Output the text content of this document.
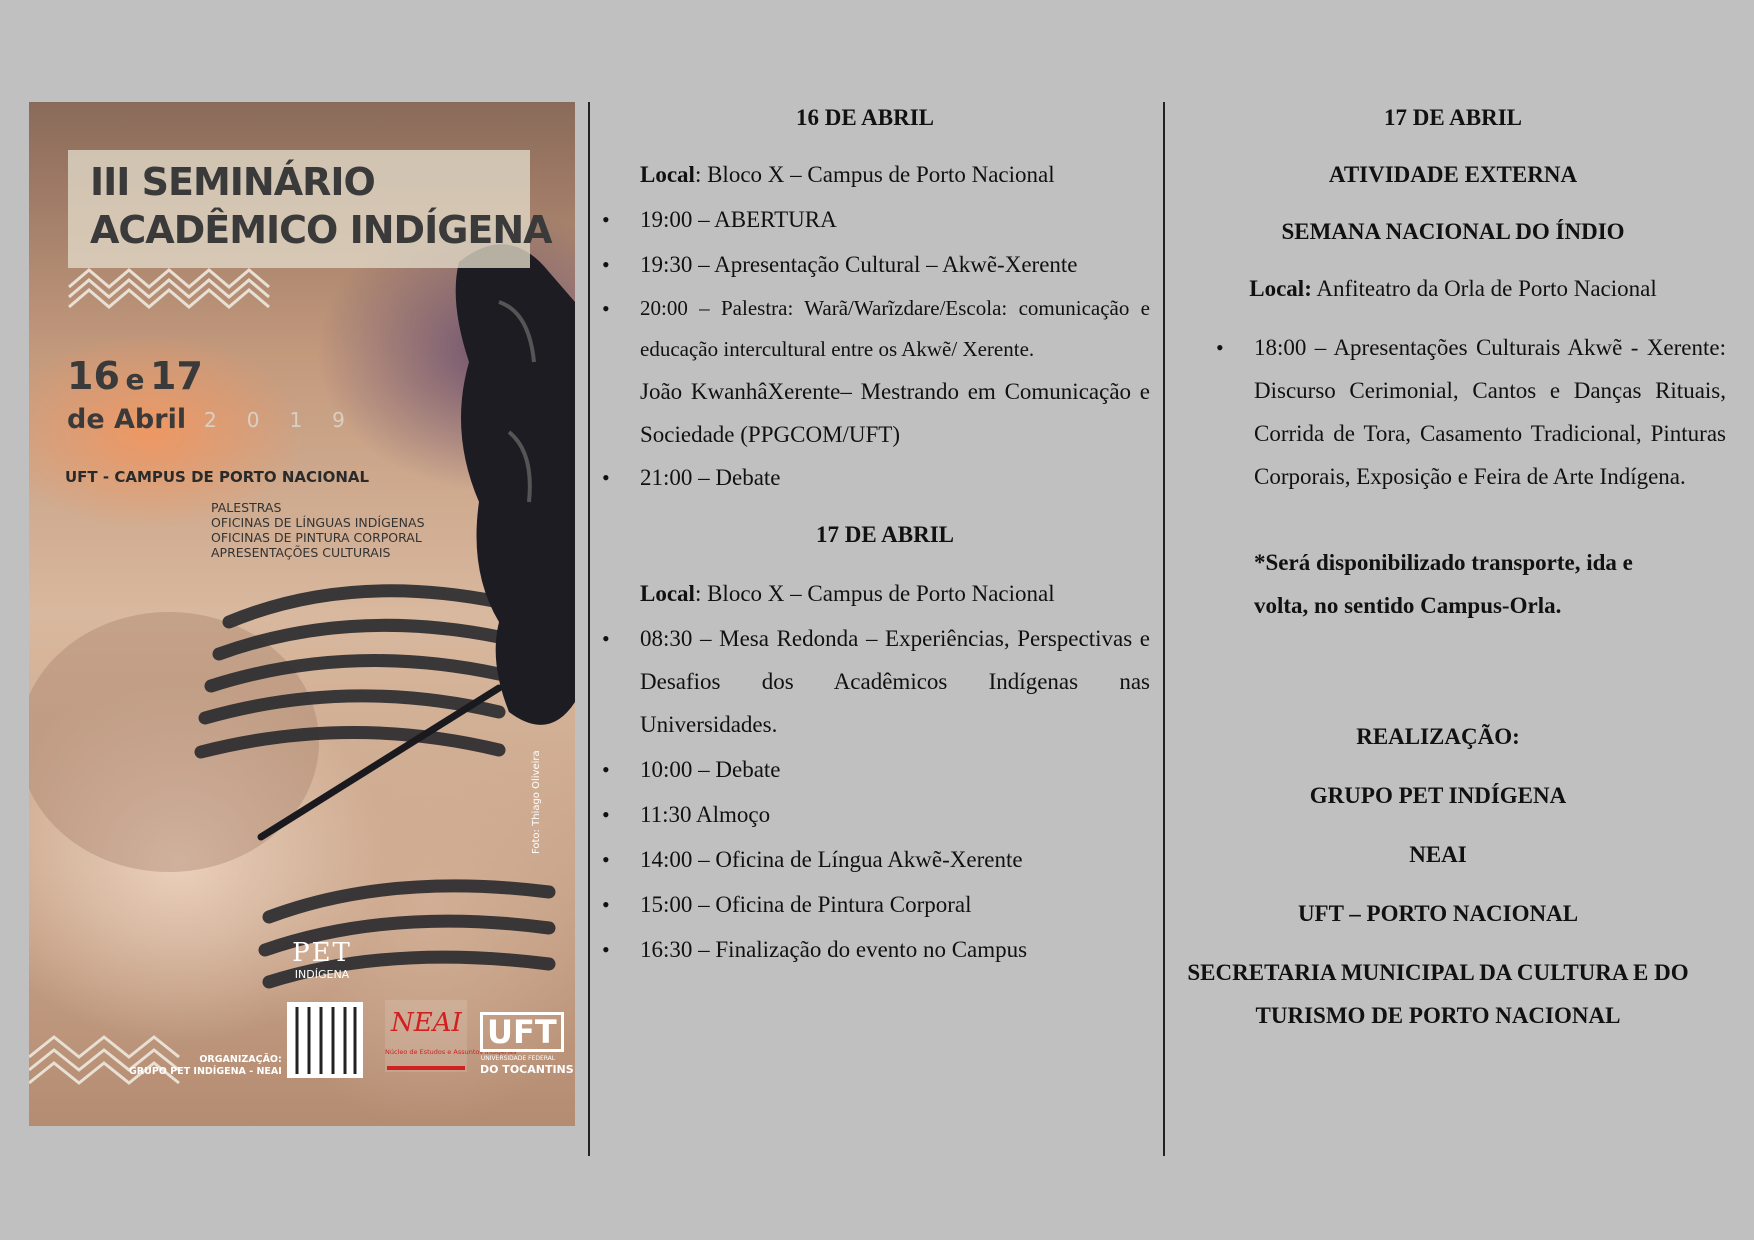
III SEMINÁRIO
ACADÊMICO INDÍGENA
16 e 17
de Abril 2019
UFT - CAMPUS DE PORTO NACIONAL
PALESTRAS
OFICINAS DE LÍNGUAS INDÍGENAS
OFICINAS DE PINTURA CORPORAL
APRESENTAÇÕES CULTURAIS
Foto: Thiago Oliveira
PET
INDÍGENA
NEAI
Núcleo de Estudos e Assuntos Indígenas
UFT
UNIVERSIDADE FEDERAL
DO TOCANTINS
ORGANIZAÇÃO:
GRUPO PET INDÍGENA - NEAI
16 DE ABRIL
Local: Bloco X – Campus de Porto Nacional
• 19:00 – ABERTURA
• 19:30 – Apresentação Cultural – Akwẽ-Xerente
• 20:00 – Palestra: Warã/Warĩzdare/Escola: comunicação e educação intercultural entre os Akwẽ/ Xerente.
João KwanhâXerente– Mestrando em Comunicação e Sociedade (PPGCOM/UFT)
• 21:00 – Debate
17 DE ABRIL
Local: Bloco X – Campus de Porto Nacional
• 08:30 – Mesa Redonda – Experiências, Perspectivas e Desafios dos Acadêmicos Indígenas nas Universidades.
• 10:00 – Debate
• 11:30 Almoço
• 14:00 – Oficina de Língua Akwẽ-Xerente
• 15:00 – Oficina de Pintura Corporal
• 16:30 – Finalização do evento no Campus
17 DE ABRIL
ATIVIDADE EXTERNA
SEMANA NACIONAL DO ÍNDIO
Local: Anfiteatro da Orla de Porto Nacional
• 18:00 – Apresentações Culturais Akwẽ - Xerente: Discurso Cerimonial, Cantos e Danças Rituais, Corrida de Tora, Casamento Tradicional, Pinturas Corporais, Exposição e Feira de Arte Indígena.
*Será disponibilizado transporte, ida e volta, no sentido Campus-Orla.
REALIZAÇÃO:
GRUPO PET INDÍGENA
NEAI
UFT – PORTO NACIONAL
SECRETARIA MUNICIPAL DA CULTURA E DO TURISMO DE PORTO NACIONAL
